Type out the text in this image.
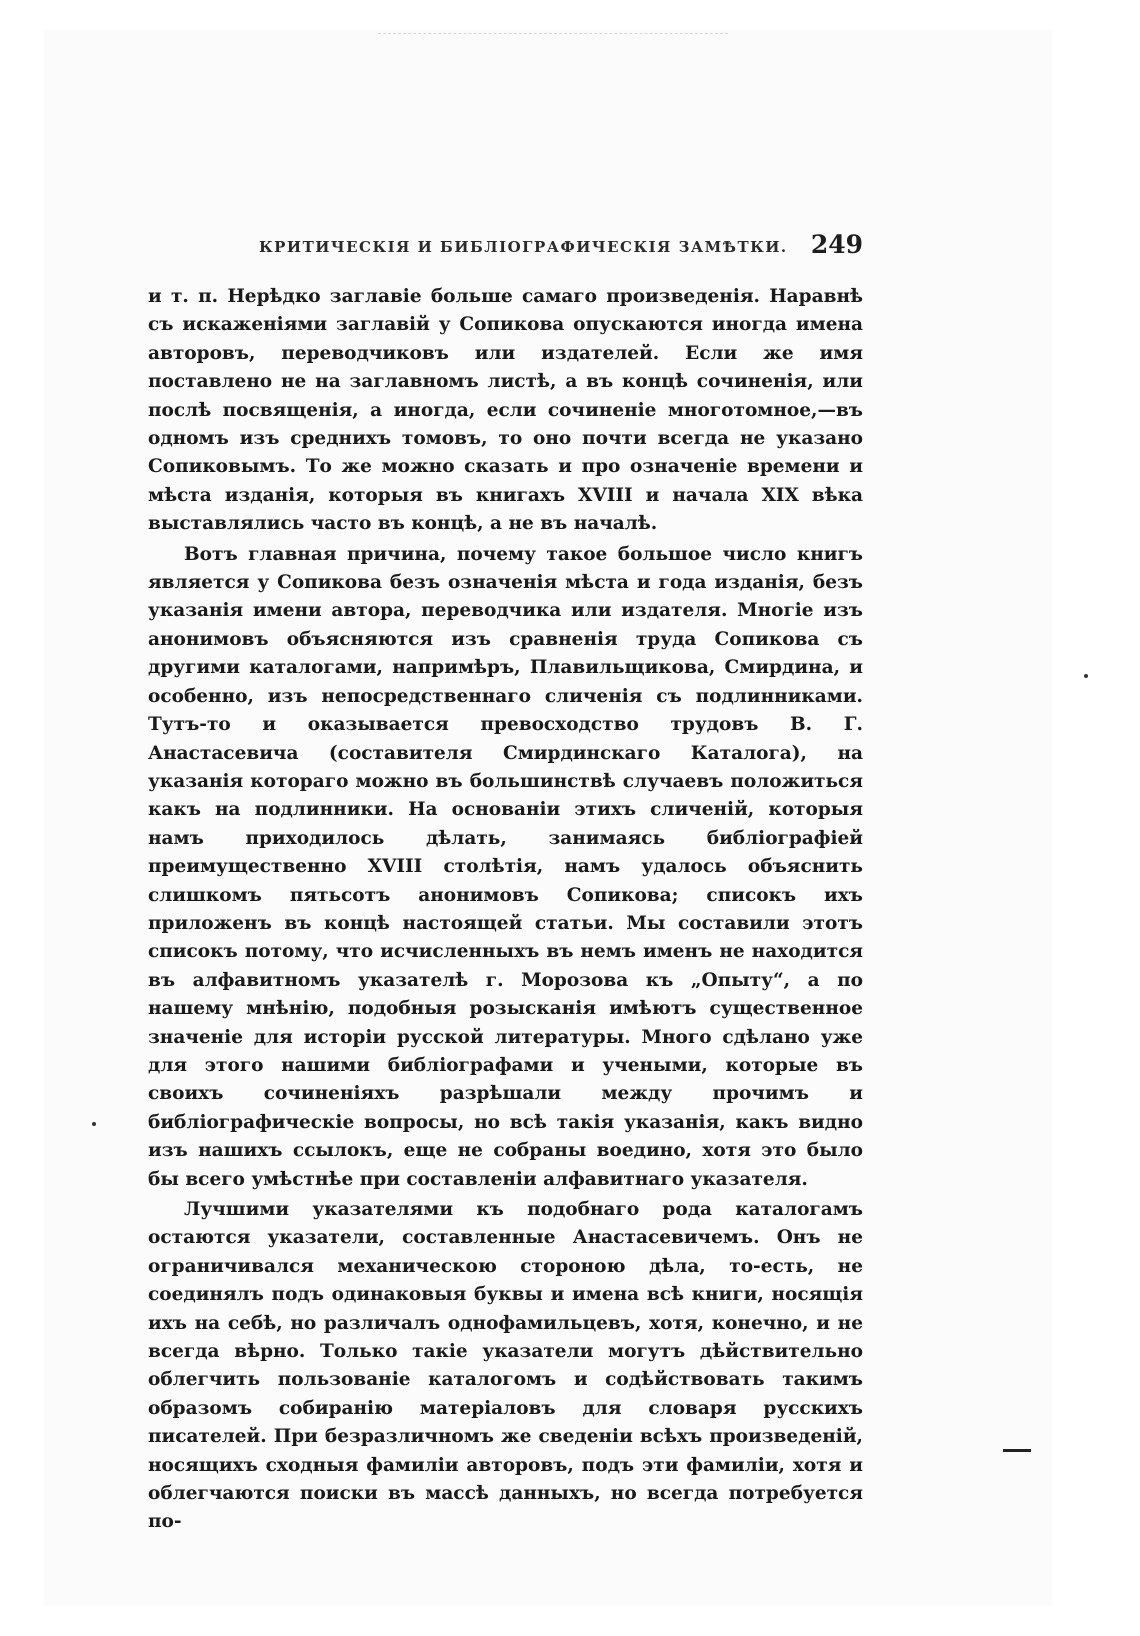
КРИТИЧЕСКІЯ И БИБЛІОГРАФИЧЕСКІЯ ЗАМѢТКИ. 249

и т. п. Нерѣдко заглавіе больше самаго произведенія. Наравнѣ съ искаженіями заглавій у Сопикова опускаются иногда имена авторовъ, переводчиковъ или издателей. Если же имя поставлено не на заглавномъ листѣ, а въ концѣ сочиненія, или послѣ посвященія, а иногда, если сочиненіе многотомное,—въ одномъ изъ среднихъ томовъ, то оно почти всегда не указано Сопиковымъ. То же можно сказать и про означеніе времени и мѣста изданія, которыя въ книгахъ XVIII и начала XIX вѣка выставлялись часто въ концѣ, а не въ началѣ.

Вотъ главная причина, почему такое большое число книгъ является у Сопикова безъ означенія мѣста и года изданія, безъ указанія имени автора, переводчика или издателя. Многіе изъ анонимовъ объясняются изъ сравненія труда Сопикова съ другими каталогами, напримѣръ, Плавильщикова, Смирдина, и особенно, изъ непосредственнаго сличенія съ подлинниками. Тутъ-то и оказывается превосходство трудовъ В. Г. Анастасевича (составителя Смирдинскаго Каталога), на указанія котораго можно въ большинствѣ случаевъ положиться какъ на подлинники. На основаніи этихъ сличеній, которыя намъ приходилось дѣлать, занимаясь библіографіей преимущественно XVIII столѣтія, намъ удалось объяснить слишкомъ пятьсотъ анонимовъ Сопикова; списокъ ихъ приложенъ въ концѣ настоящей статьи. Мы составили этотъ списокъ потому, что исчисленныхъ въ немъ именъ не находится въ алфавитномъ указателѣ г. Морозова къ „Опыту“, а по нашему мнѣнію, подобныя розысканія имѣютъ существенное значеніе для исторіи русской литературы. Много сдѣлано уже для этого нашими библіографами и учеными, которые въ своихъ сочиненіяхъ разрѣшали между прочимъ и библіографическіе вопросы, но всѣ такія указанія, какъ видно изъ нашихъ ссылокъ, еще не собраны воедино, хотя это было бы всего умѣстнѣе при составленіи алфавитнаго указателя.

Лучшими указателями къ подобнаго рода каталогамъ остаются указатели, составленные Анастасевичемъ. Онъ не ограничивался механическою стороною дѣла, то-есть, не соединялъ подъ одинаковыя буквы и имена всѣ книги, носящія ихъ на себѣ, но различалъ однофамильцевъ, хотя, конечно, и не всегда вѣрно. Только такіе указатели могутъ дѣйствительно облегчить пользованіе каталогомъ и содѣйствовать такимъ образомъ собиранію матеріаловъ для словаря русскихъ писателей. При безразличномъ же сведеніи всѣхъ произведеній, носящихъ сходныя фамиліи авторовъ, подъ эти фамиліи, хотя и облегчаются поиски въ массѣ данныхъ, но всегда потребуется по-
